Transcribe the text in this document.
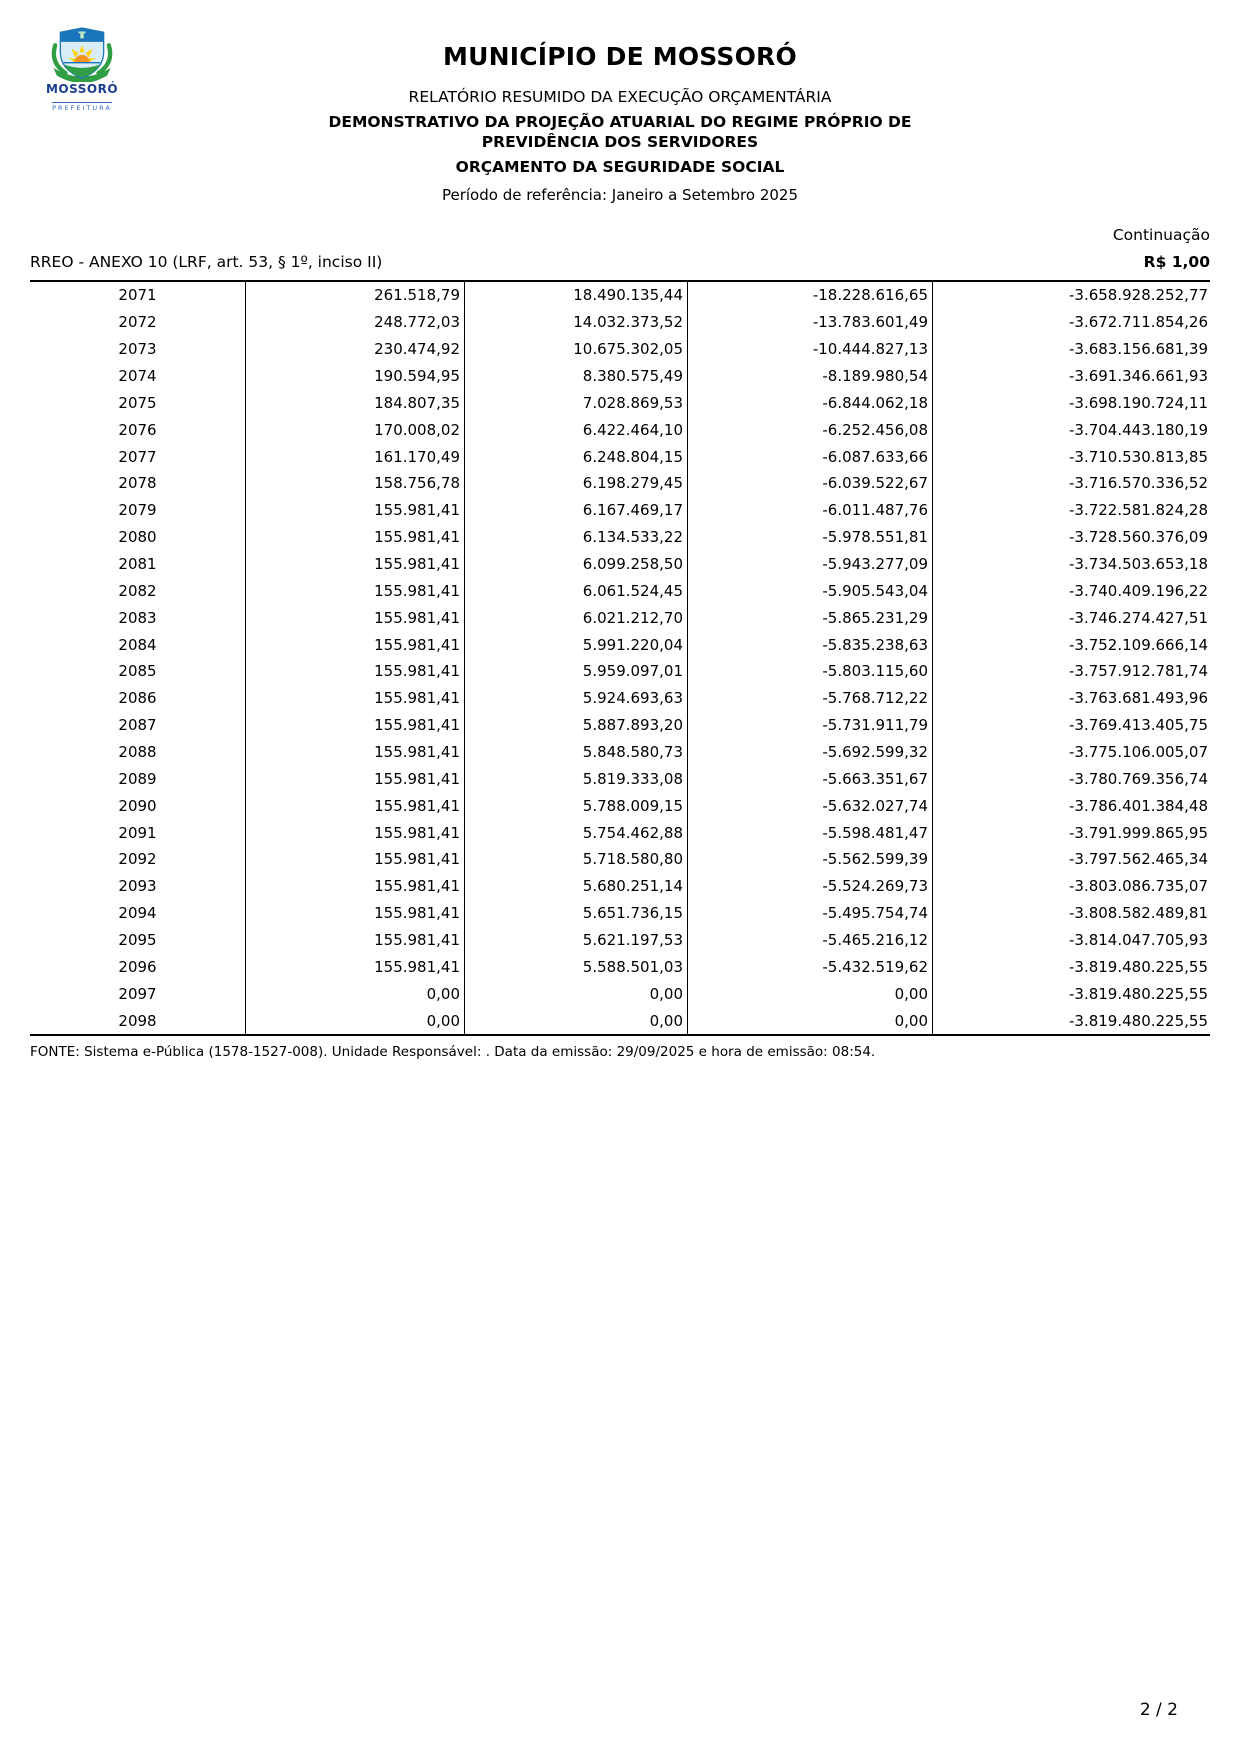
MOSSORÓ
PREFEITURA
MUNICÍPIO DE MOSSORÓ
RELATÓRIO RESUMIDO DA EXECUÇÃO ORÇAMENTÁRIA
DEMONSTRATIVO DA PROJEÇÃO ATUARIAL DO REGIME PRÓPRIO DE
PREVIDÊNCIA DOS SERVIDORES
ORÇAMENTO DA SEGURIDADE SOCIAL
Período de referência: Janeiro a Setembro 2025
Continuação
RREO - ANEXO 10 (LRF, art. 53, § 1º, inciso II)	R$ 1,00
2071	261.518,79	18.490.135,44	-18.228.616,65	-3.658.928.252,77
2072	248.772,03	14.032.373,52	-13.783.601,49	-3.672.711.854,26
2073	230.474,92	10.675.302,05	-10.444.827,13	-3.683.156.681,39
2074	190.594,95	8.380.575,49	-8.189.980,54	-3.691.346.661,93
2075	184.807,35	7.028.869,53	-6.844.062,18	-3.698.190.724,11
2076	170.008,02	6.422.464,10	-6.252.456,08	-3.704.443.180,19
2077	161.170,49	6.248.804,15	-6.087.633,66	-3.710.530.813,85
2078	158.756,78	6.198.279,45	-6.039.522,67	-3.716.570.336,52
2079	155.981,41	6.167.469,17	-6.011.487,76	-3.722.581.824,28
2080	155.981,41	6.134.533,22	-5.978.551,81	-3.728.560.376,09
2081	155.981,41	6.099.258,50	-5.943.277,09	-3.734.503.653,18
2082	155.981,41	6.061.524,45	-5.905.543,04	-3.740.409.196,22
2083	155.981,41	6.021.212,70	-5.865.231,29	-3.746.274.427,51
2084	155.981,41	5.991.220,04	-5.835.238,63	-3.752.109.666,14
2085	155.981,41	5.959.097,01	-5.803.115,60	-3.757.912.781,74
2086	155.981,41	5.924.693,63	-5.768.712,22	-3.763.681.493,96
2087	155.981,41	5.887.893,20	-5.731.911,79	-3.769.413.405,75
2088	155.981,41	5.848.580,73	-5.692.599,32	-3.775.106.005,07
2089	155.981,41	5.819.333,08	-5.663.351,67	-3.780.769.356,74
2090	155.981,41	5.788.009,15	-5.632.027,74	-3.786.401.384,48
2091	155.981,41	5.754.462,88	-5.598.481,47	-3.791.999.865,95
2092	155.981,41	5.718.580,80	-5.562.599,39	-3.797.562.465,34
2093	155.981,41	5.680.251,14	-5.524.269,73	-3.803.086.735,07
2094	155.981,41	5.651.736,15	-5.495.754,74	-3.808.582.489,81
2095	155.981,41	5.621.197,53	-5.465.216,12	-3.814.047.705,93
2096	155.981,41	5.588.501,03	-5.432.519,62	-3.819.480.225,55
2097	0,00	0,00	0,00	-3.819.480.225,55
2098	0,00	0,00	0,00	-3.819.480.225,55
FONTE: Sistema e-Pública (1578-1527-008). Unidade Responsável: . Data da emissão: 29/09/2025 e hora de emissão: 08:54.
2 / 2
